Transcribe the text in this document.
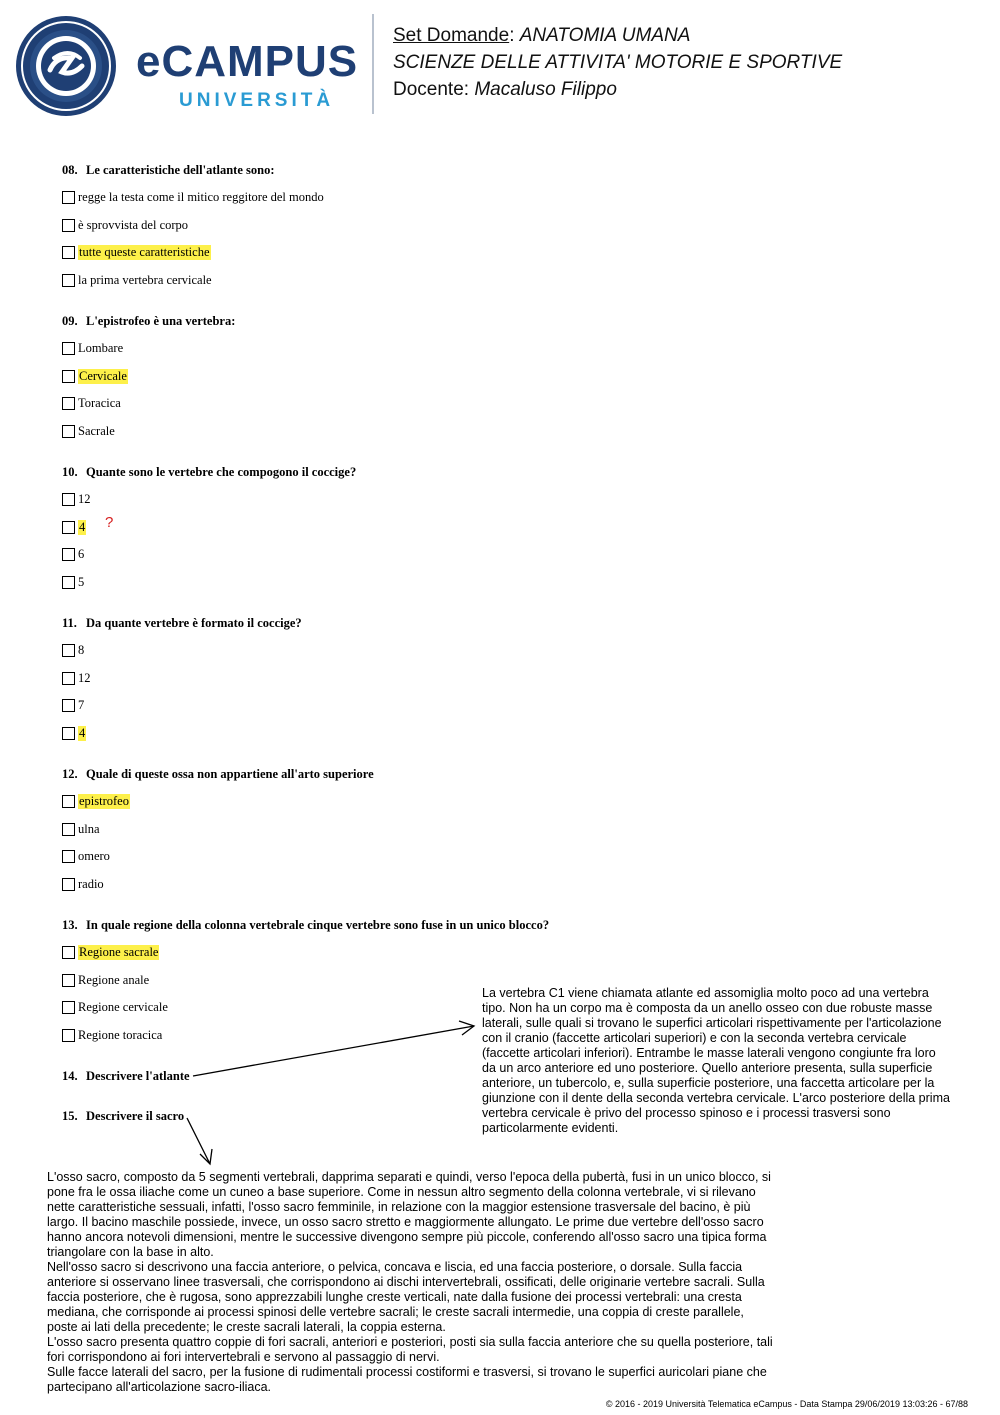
eCAMPUS
UNIVERSITÀ
Set Domande: ANATOMIA UMANA
SCIENZE DELLE ATTIVITA' MOTORIE E SPORTIVE
Docente: Macaluso Filippo
08. Le caratteristiche dell'atlante sono:
regge la testa come il mitico reggitore del mondo
è sprovvista del corpo
tutte queste caratteristiche
la prima vertebra cervicale
09. L'epistrofeo è una vertebra:
Lombare
Cervicale
Toracica
Sacrale
10. Quante sono le vertebre che compogono il coccige?
12
4
6
5
11. Da quante vertebre è formato il coccige?
8
12
7
4
12. Quale di queste ossa non appartiene all'arto superiore
epistrofeo
ulna
omero
radio
13. In quale regione della colonna vertebrale cinque vertebre sono fuse in un unico blocco?
Regione sacrale
Regione anale
Regione cervicale
Regione toracica
14. Descrivere l'atlante
15. Descrivere il sacro
?
La vertebra C1 viene chiamata atlante ed assomiglia molto poco ad una vertebra tipo. Non ha un corpo ma è composta da un anello osseo con due robuste masse laterali, sulle quali si trovano le superfici articolari rispettivamente per l'articolazione con il cranio (faccette articolari superiori) e con la seconda vertebra cervicale (faccette articolari inferiori). Entrambe le masse laterali vengono congiunte fra loro da un arco anteriore ed uno posteriore. Quello anteriore presenta, sulla superficie anteriore, un tubercolo, e, sulla superficie posteriore, una faccetta articolare per la giunzione con il dente della seconda vertebra cervicale. L'arco posteriore della prima vertebra cervicale è privo del processo spinoso e i processi trasversi sono particolarmente evidenti.

L'osso sacro, composto da 5 segmenti vertebrali, dapprima separati e quindi, verso l'epoca della pubertà, fusi in un unico blocco, si pone fra le ossa iliache come un cuneo a base superiore. Come in nessun altro segmento della colonna vertebrale, vi si rilevano nette caratteristiche sessuali, infatti, l'osso sacro femminile, in relazione con la maggior estensione trasversale del bacino, è più largo. Il bacino maschile possiede, invece, un osso sacro stretto e maggiormente allungato. Le prime due vertebre dell'osso sacro hanno ancora notevoli dimensioni, mentre le successive divengono sempre più piccole, conferendo all'osso sacro una tipica forma triangolare con la base in alto.

Nell'osso sacro si descrivono una faccia anteriore, o pelvica, concava e liscia, ed una faccia posteriore, o dorsale. Sulla faccia anteriore si osservano linee trasversali, che corrispondono ai dischi intervertebrali, ossificati, delle originarie vertebre sacrali. Sulla faccia posteriore, che è rugosa, sono apprezzabili lunghe creste verticali, nate dalla fusione dei processi vertebrali: una cresta mediana, che corrisponde ai processi spinosi delle vertebre sacrali; le creste sacrali intermedie, una coppia di creste parallele, poste ai lati della precedente; le creste sacrali laterali, la coppia esterna.

L'osso sacro presenta quattro coppie di fori sacrali, anteriori e posteriori, posti sia sulla faccia anteriore che su quella posteriore, tali fori corrispondono ai fori intervertebrali e servono al passaggio di nervi.

Sulle facce laterali del sacro, per la fusione di rudimentali processi costiformi e trasversi, si trovano le superfici auricolari piane che partecipano all'articolazione sacro-iliaca.

© 2016 - 2019 Università Telematica eCampus - Data Stampa 29/06/2019 13:03:26 - 67/88
